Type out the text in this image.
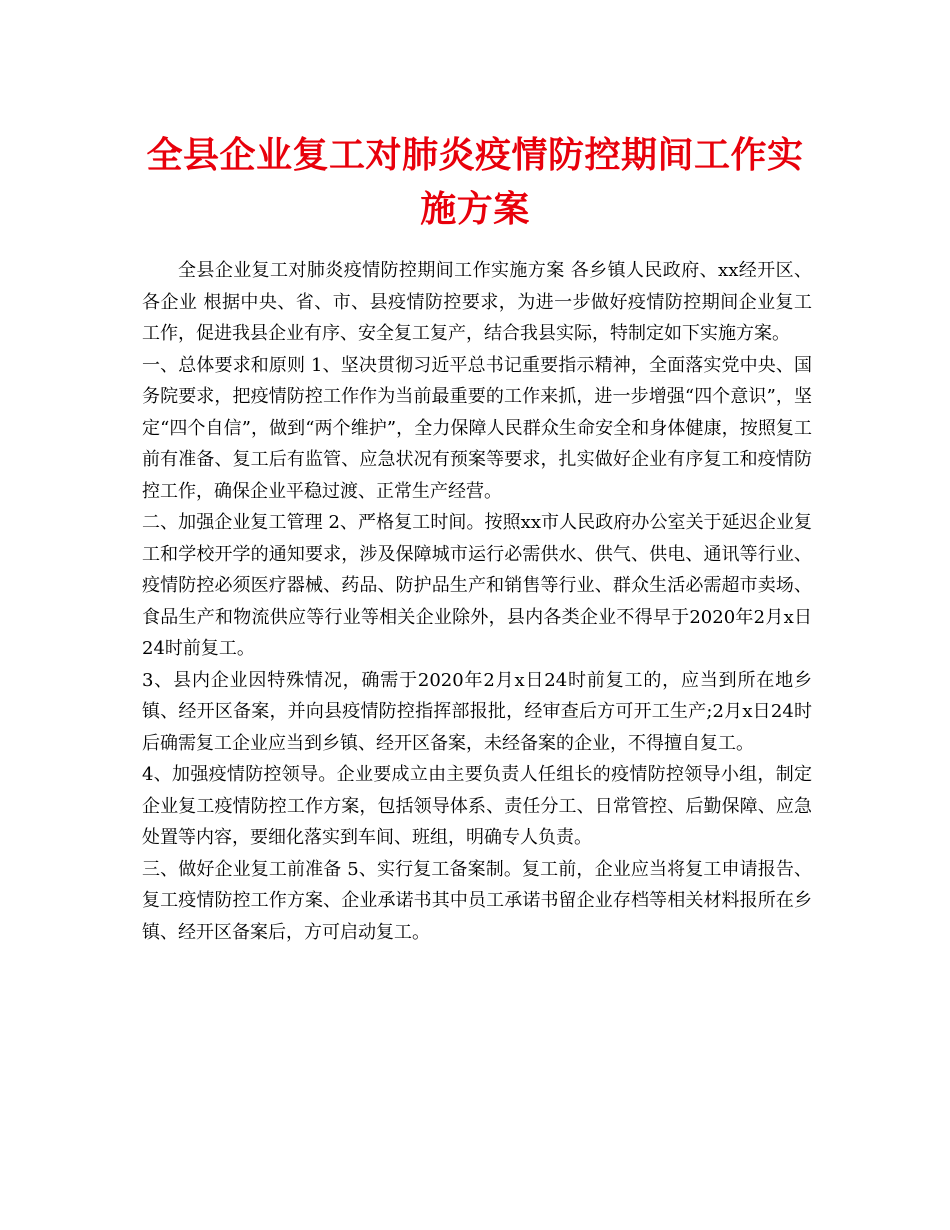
全县企业复工对肺炎疫情防控期间工作实施方案

全县企业复工对肺炎疫情防控期间工作实施方案 各乡镇人民政府、xx经开区、各企业 根据中央、省、市、县疫情防控要求，为进一步做好疫情防控期间企业复工工作，促进我县企业有序、安全复工复产，结合我县实际，特制定如下实施方案。

一、总体要求和原则 1、坚决贯彻习近平总书记重要指示精神，全面落实党中央、国务院要求，把疫情防控工作作为当前最重要的工作来抓，进一步增强“四个意识”，坚定“四个自信”，做到“两个维护”，全力保障人民群众生命安全和身体健康，按照复工前有准备、复工后有监管、应急状况有预案等要求，扎实做好企业有序复工和疫情防控工作，确保企业平稳过渡、正常生产经营。

二、加强企业复工管理 2、严格复工时间。按照xx市人民政府办公室关于延迟企业复工和学校开学的通知要求，涉及保障城市运行必需供水、供气、供电、通讯等行业、疫情防控必须医疗器械、药品、防护品生产和销售等行业、群众生活必需超市卖场、食品生产和物流供应等行业等相关企业除外，县内各类企业不得早于2020年2月x日24时前复工。

3、县内企业因特殊情况，确需于2020年2月x日24时前复工的，应当到所在地乡镇、经开区备案，并向县疫情防控指挥部报批，经审查后方可开工生产;2月x日24时后确需复工企业应当到乡镇、经开区备案，未经备案的企业，不得擅自复工。

4、加强疫情防控领导。企业要成立由主要负责人任组长的疫情防控领导小组，制定企业复工疫情防控工作方案，包括领导体系、责任分工、日常管控、后勤保障、应急处置等内容，要细化落实到车间、班组，明确专人负责。

三、做好企业复工前准备 5、实行复工备案制。复工前，企业应当将复工申请报告、复工疫情防控工作方案、企业承诺书其中员工承诺书留企业存档等相关材料报所在乡镇、经开区备案后，方可启动复工。
